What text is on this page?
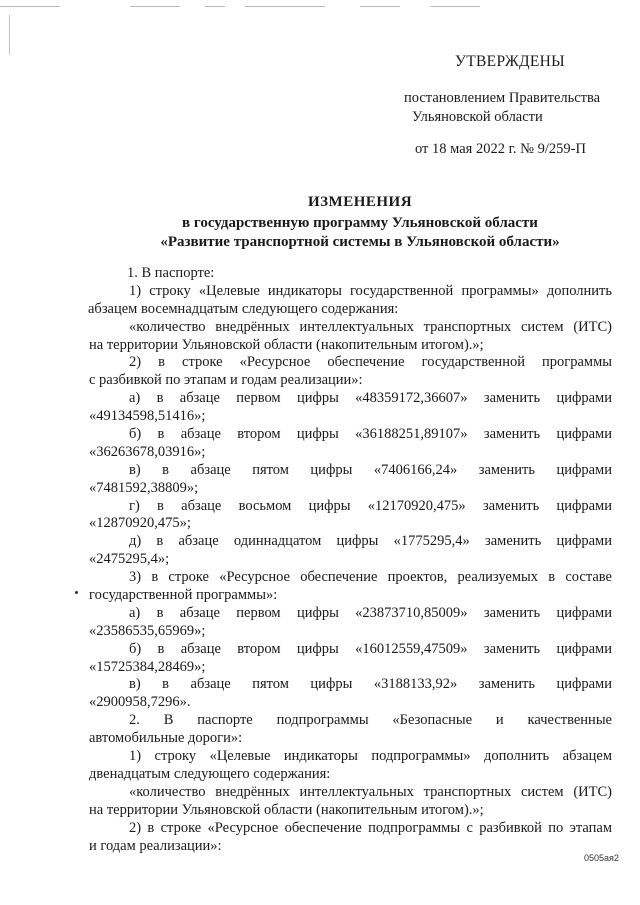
УТВЕРЖДЕНЫ
постановлением Правительства
Ульяновской области
от 18 мая 2022 г. № 9/259-П
ИЗМЕНЕНИЯ
в государственную программу Ульяновской области
«Развитие транспортной системы в Ульяновской области»
1. В паспорте:
1) строку «Целевые индикаторы государственной программы» дополнить
абзацем восемнадцатым следующего содержания:
«количество внедрённых интеллектуальных транспортных систем (ИТС)
на территории Ульяновской области (накопительным итогом).»;
2) в строке «Ресурсное обеспечение государственной программы
с разбивкой по этапам и годам реализации»:
а) в абзаце первом цифры «48359172,36607» заменить цифрами
«49134598,51416»;
б) в абзаце втором цифры «36188251,89107» заменить цифрами
«36263678,03916»;
в) в абзаце пятом цифры «7406166,24» заменить цифрами
«7481592,38809»;
г) в абзаце восьмом цифры «12170920,475» заменить цифрами
«12870920,475»;
д) в абзаце одиннадцатом цифры «1775295,4» заменить цифрами
«2475295,4»;
3) в строке «Ресурсное обеспечение проектов, реализуемых в составе
государственной программы»:
а) в абзаце первом цифры «23873710,85009» заменить цифрами
«23586535,65969»;
б) в абзаце втором цифры «16012559,47509» заменить цифрами
«15725384,28469»;
в) в абзаце пятом цифры «3188133,92» заменить цифрами
«2900958,7296».
2. В паспорте подпрограммы «Безопасные и качественные
автомобильные дороги»:
1) строку «Целевые индикаторы подпрограммы» дополнить абзацем
двенадцатым следующего содержания:
«количество внедрённых интеллектуальных транспортных систем (ИТС)
на территории Ульяновской области (накопительным итогом).»;
2) в строке «Ресурсное обеспечение подпрограммы с разбивкой по этапам
и годам реализации»:
0505ая2
